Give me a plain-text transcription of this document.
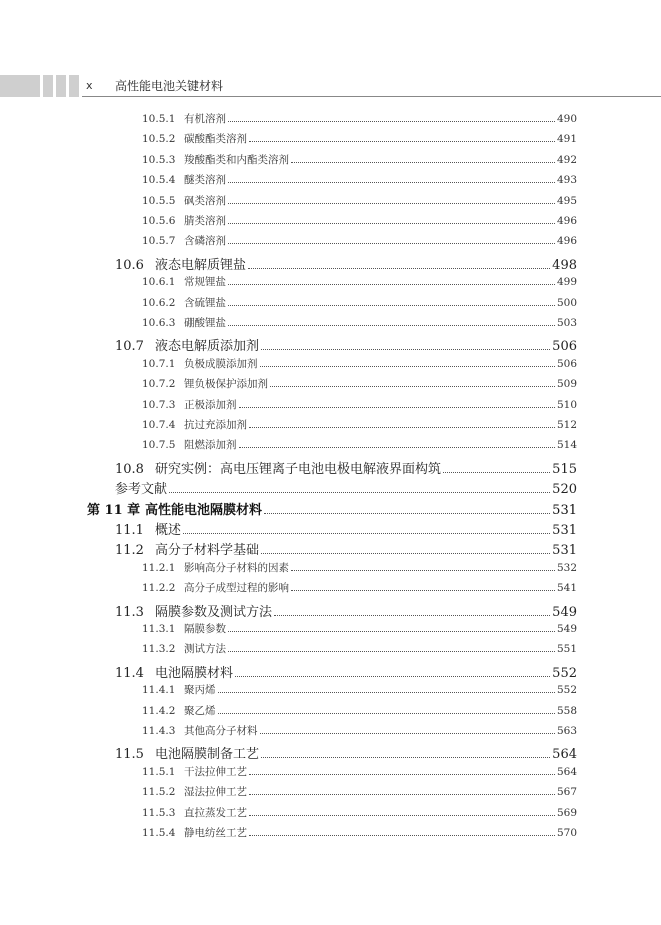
x 高性能电池关键材料
10.5.1 有机溶剂	490
10.5.2 碳酸酯类溶剂	491
10.5.3 羧酸酯类和内酯类溶剂	492
10.5.4 醚类溶剂	493
10.5.5 砜类溶剂	495
10.5.6 腈类溶剂	496
10.5.7 含磷溶剂	496
10.6 液态电解质锂盐	498
10.6.1 常规锂盐	499
10.6.2 含硫锂盐	500
10.6.3 硼酸锂盐	503
10.7 液态电解质添加剂	506
10.7.1 负极成膜添加剂	506
10.7.2 锂负极保护添加剂	509
10.7.3 正极添加剂	510
10.7.4 抗过充添加剂	512
10.7.5 阻燃添加剂	514
10.8 研究实例：高电压锂离子电池电极电解液界面构筑	515
参考文献	520
第 11 章 高性能电池隔膜材料	531
11.1 概述	531
11.2 高分子材料学基础	531
11.2.1 影响高分子材料的因素	532
11.2.2 高分子成型过程的影响	541
11.3 隔膜参数及测试方法	549
11.3.1 隔膜参数	549
11.3.2 测试方法	551
11.4 电池隔膜材料	552
11.4.1 聚丙烯	552
11.4.2 聚乙烯	558
11.4.3 其他高分子材料	563
11.5 电池隔膜制备工艺	564
11.5.1 干法拉伸工艺	564
11.5.2 湿法拉伸工艺	567
11.5.3 直拉蒸发工艺	569
11.5.4 静电纺丝工艺	570
